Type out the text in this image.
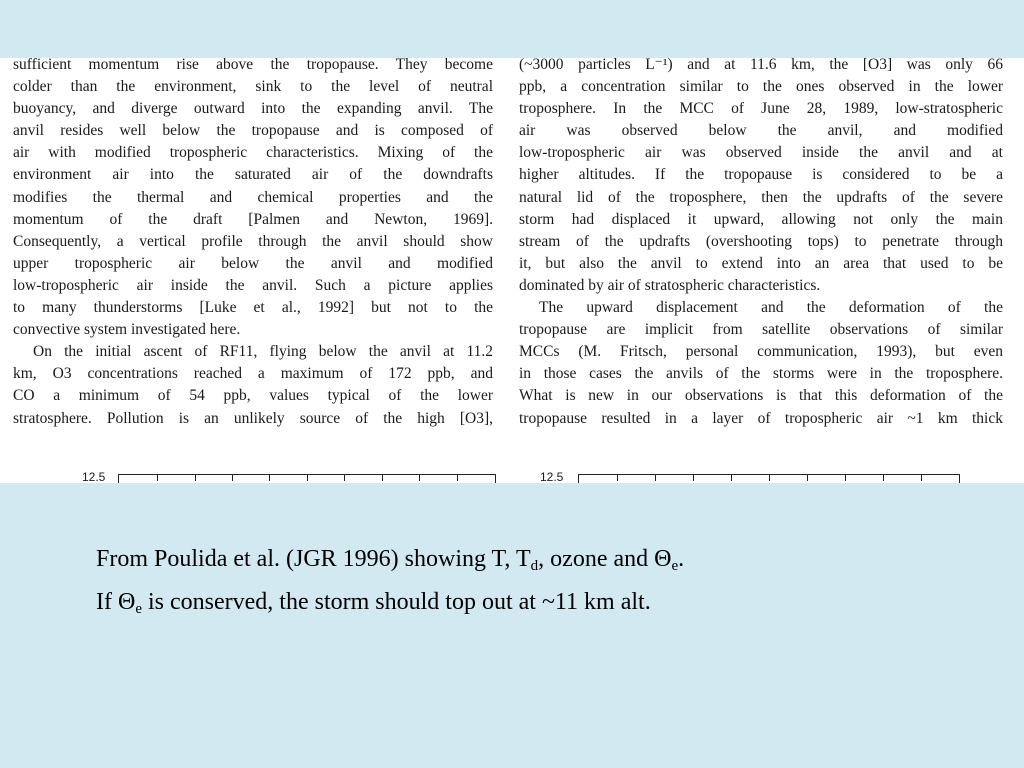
sufficient momentum rise above the tropopause. They become
colder than the environment, sink to the level of neutral
buoyancy, and diverge outward into the expanding anvil. The
anvil resides well below the tropopause and is composed of
air with modified tropospheric characteristics. Mixing of the
environment air into the saturated air of the downdrafts
modifies the thermal and chemical properties and the
momentum of the draft [Palmen and Newton, 1969].
Consequently, a vertical profile through the anvil should show
upper tropospheric air below the anvil and modified
low-tropospheric air inside the anvil. Such a picture applies
to many thunderstorms [Luke et al., 1992] but not to the
convective system investigated here.
On the initial ascent of RF11, flying below the anvil at 11.2
km, O3 concentrations reached a maximum of 172 ppb, and
CO a minimum of 54 ppb, values typical of the lower
stratosphere. Pollution is an unlikely source of the high [O3],
(~3000 particles L⁻¹) and at 11.6 km, the [O3] was only 66
ppb, a concentration similar to the ones observed in the lower
troposphere. In the MCC of June 28, 1989, low-stratospheric
air was observed below the anvil, and modified
low-tropospheric air was observed inside the anvil and at
higher altitudes. If the tropopause is considered to be a
natural lid of the troposphere, then the updrafts of the severe
storm had displaced it upward, allowing not only the main
stream of the updrafts (overshooting tops) to penetrate through
it, but also the anvil to extend into an area that used to be
dominated by air of stratospheric characteristics.
The upward displacement and the deformation of the
tropopause are implicit from satellite observations of similar
MCCs (M. Fritsch, personal communication, 1993), but even
in those cases the anvils of the storms were in the troposphere.
What is new in our observations is that this deformation of the
tropopause resulted in a layer of tropospheric air ~1 km thick
12.5	12.5
From Poulida et al. (JGR 1996) showing T, $T_d$, ozone and $\Theta_e$.
If $\Theta_e$ is conserved, the storm should top out at ~11 km alt.
